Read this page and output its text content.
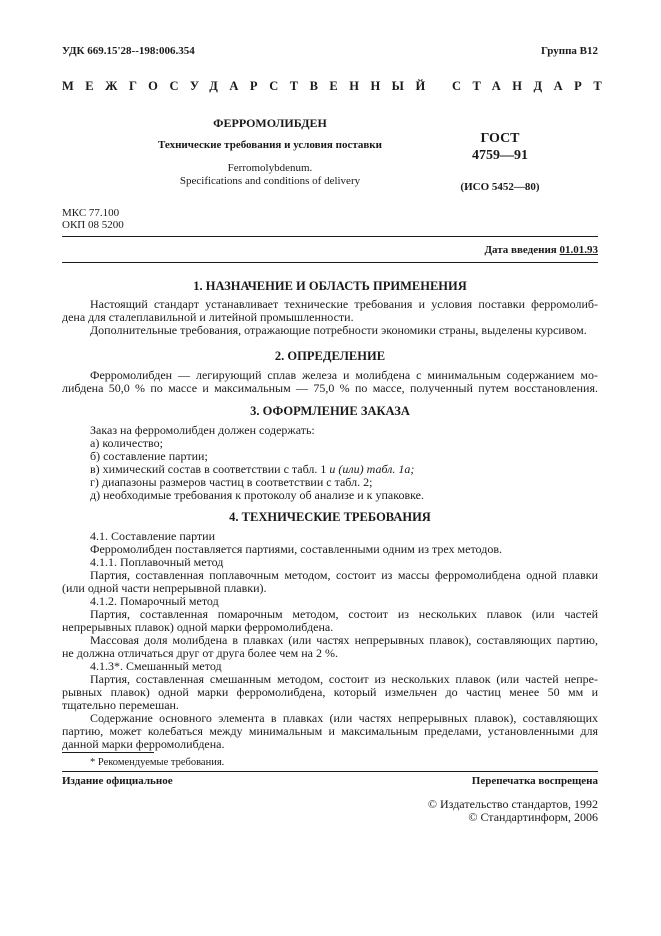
УДК 669.15'28--198:006.354	Группа В12
МЕЖГОСУДАРСТВЕННЫЙ СТАНДАРТ
ФЕРРОМОЛИБДЕН
Технические требования и условия поставки
Ferromolybdenum.
Specifications and conditions of delivery
ГОСТ
4759—91
(ИСО 5452—80)
МКС 77.100
ОКП 08 5200
Дата введения 01.01.93
1. НАЗНАЧЕНИЕ И ОБЛАСТЬ ПРИМЕНЕНИЯ
Настоящий стандарт устанавливает технические требования и условия поставки ферромолиб-
дена для сталеплавильной и литейной промышленности.
Дополнительные требования, отражающие потребности экономики страны, выделены курсивом.
2. ОПРЕДЕЛЕНИЕ
Ферромолибден — легирующий сплав железа и молибдена с минимальным содержанием мо-
либдена 50,0 % по массе и максимальным — 75,0 % по массе, полученный путем восстановления.
3. ОФОРМЛЕНИЕ ЗАКАЗА
Заказ на ферромолибден должен содержать:
а) количество;
б) составление партии;
в) химический состав в соответствии с табл. 1 и (или) табл. 1а;
г) диапазоны размеров частиц в соответствии с табл. 2;
д) необходимые требования к протоколу об анализе и к упаковке.
4. ТЕХНИЧЕСКИЕ ТРЕБОВАНИЯ
4.1. Составление партии
Ферромолибден поставляется партиями, составленными одним из трех методов.
4.1.1. Поплавочный метод
Партия, составленная поплавочным методом, состоит из массы ферромолибдена одной плавки
(или одной части непрерывной плавки).
4.1.2. Помарочный метод
Партия, составленная помарочным методом, состоит из нескольких плавок (или частей
непрерывных плавок) одной марки ферромолибдена.
Массовая доля молибдена в плавках (или частях непрерывных плавок), составляющих партию,
не должна отличаться друг от друга более чем на 2 %.
4.1.3*. Смешанный метод
Партия, составленная смешанным методом, состоит из нескольких плавок (или частей непре-
рывных плавок) одной марки ферромолибдена, который измельчен до частиц менее 50 мм и
тщательно перемешан.
Содержание основного элемента в плавках (или частях непрерывных плавок), составляющих
партию, может колебаться между минимальным и максимальным пределами, установленными для
данной марки ферромолибдена.
* Рекомендуемые требования.
Издание официальное	Перепечатка воспрещена
© Издательство стандартов, 1992
© Стандартинформ, 2006
